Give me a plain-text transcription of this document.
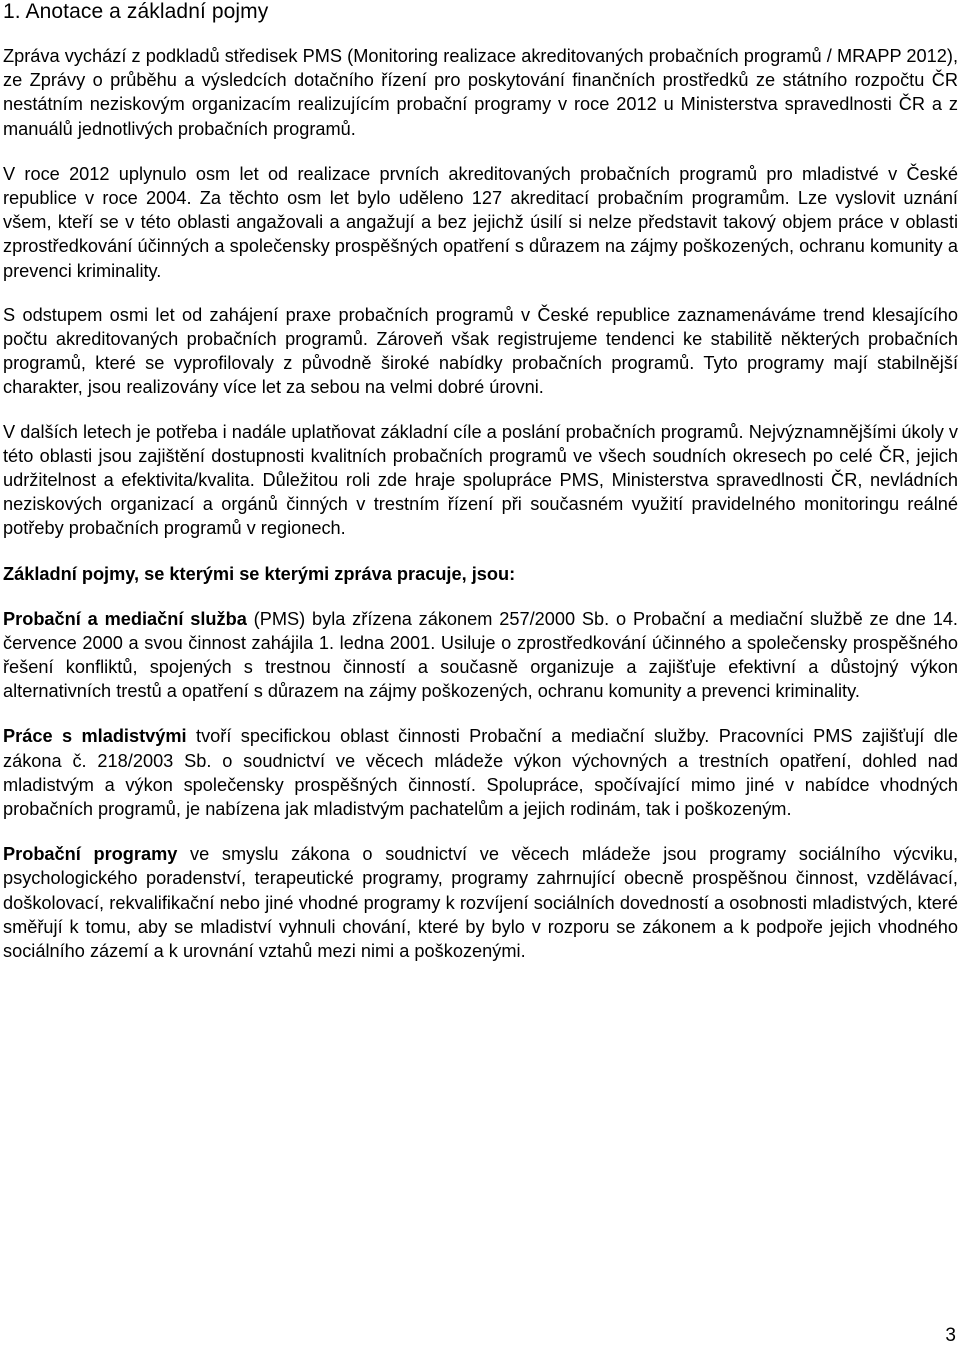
1. Anotace a základní pojmy

Zpráva vychází z podkladů středisek PMS (Monitoring realizace akreditovaných probačních programů / MRAPP 2012), ze Zprávy o průběhu a výsledcích dotačního řízení pro poskytování finančních prostředků ze státního rozpočtu ČR nestátním neziskovým organizacím realizujícím probační programy v roce 2012 u Ministerstva spravedlnosti ČR a z manuálů jednotlivých probačních programů.

V roce 2012 uplynulo osm let od realizace prvních akreditovaných probačních programů pro mladistvé v České republice v roce 2004. Za těchto osm let bylo uděleno 127 akreditací probačním programům. Lze vyslovit uznání všem, kteří se v této oblasti angažovali a angažují a bez jejichž úsilí si nelze představit takový objem práce v oblasti zprostředkování účinných a společensky prospěšných opatření s důrazem na zájmy poškozených, ochranu komunity a prevenci kriminality.

S odstupem osmi let od zahájení praxe probačních programů v České republice zaznamenáváme trend klesajícího počtu akreditovaných probačních programů. Zároveň však registrujeme tendenci ke stabilitě některých probačních programů, které se vyprofilovaly z původně široké nabídky probačních programů. Tyto programy mají stabilnější charakter, jsou realizovány více let za sebou na velmi dobré úrovni.

V dalších letech je potřeba i nadále uplatňovat základní cíle a poslání probačních programů. Nejvýznamnějšími úkoly v této oblasti jsou zajištění dostupnosti kvalitních probačních programů ve všech soudních okresech po celé ČR, jejich udržitelnost a efektivita/kvalita. Důležitou roli zde hraje spolupráce PMS, Ministerstva spravedlnosti ČR, nevládních neziskových organizací a orgánů činných v trestním řízení při současném využití pravidelného monitoringu reálné potřeby probačních programů v regionech.

Základní pojmy, se kterými se kterými zpráva pracuje, jsou:

Probační a mediační služba (PMS) byla zřízena zákonem 257/2000 Sb. o Probační a mediační službě ze dne 14. července 2000 a svou činnost zahájila 1. ledna 2001. Usiluje o zprostředkování účinného a společensky prospěšného řešení konfliktů, spojených s trestnou činností a současně organizuje a zajišťuje efektivní a důstojný výkon alternativních trestů a opatření s důrazem na zájmy poškozených, ochranu komunity a prevenci kriminality.

Práce s mladistvými tvoří specifickou oblast činnosti Probační a mediační služby. Pracovníci PMS zajišťují dle zákona č. 218/2003 Sb. o soudnictví ve věcech mládeže výkon výchovných a trestních opatření, dohled nad mladistvým a výkon společensky prospěšných činností. Spolupráce, spočívající mimo jiné v nabídce vhodných probačních programů, je nabízena jak mladistvým pachatelům a jejich rodinám, tak i poškozeným.

Probační programy ve smyslu zákona o soudnictví ve věcech mládeže jsou programy sociálního výcviku, psychologického poradenství, terapeutické programy, programy zahrnující obecně prospěšnou činnost, vzdělávací, doškolovací, rekvalifikační nebo jiné vhodné programy k rozvíjení sociálních dovedností a osobnosti mladistvých, které směřují k tomu, aby se mladiství vyhnuli chování, které by bylo v rozporu se zákonem a k podpoře jejich vhodného sociálního zázemí a k urovnání vztahů mezi nimi a poškozenými.

3
